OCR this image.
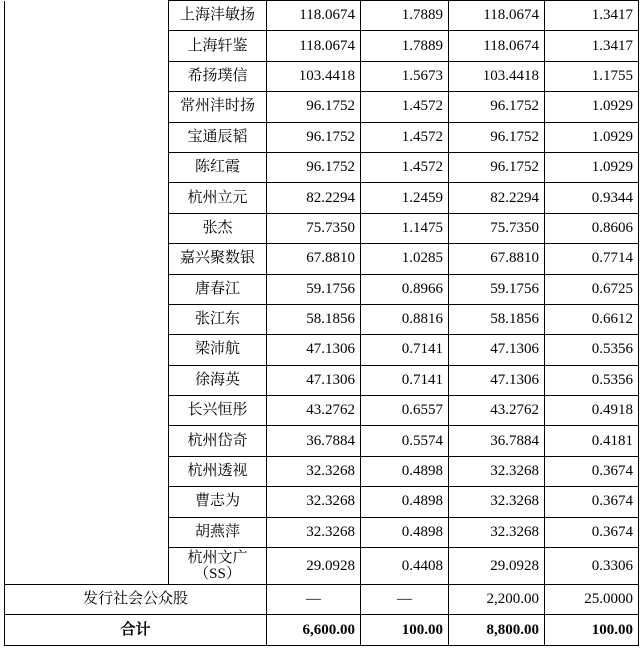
	上海沣敏扬	118.0674	1.7889	118.0674	1.3417
	上海轩鉴	118.0674	1.7889	118.0674	1.3417
	希扬璞信	103.4418	1.5673	103.4418	1.1755
	常州沣时扬	96.1752	1.4572	96.1752	1.0929
	宝通辰韬	96.1752	1.4572	96.1752	1.0929
	陈红霞	96.1752	1.4572	96.1752	1.0929
	杭州立元	82.2294	1.2459	82.2294	0.9344
	张杰	75.7350	1.1475	75.7350	0.8606
	嘉兴聚数银	67.8810	1.0285	67.8810	0.7714
	唐春江	59.1756	0.8966	59.1756	0.6725
	张江东	58.1856	0.8816	58.1856	0.6612
	梁沛航	47.1306	0.7141	47.1306	0.5356
	徐海英	47.1306	0.7141	47.1306	0.5356
	长兴恒彤	43.2762	0.6557	43.2762	0.4918
	杭州岱奇	36.7884	0.5574	36.7884	0.4181
	杭州透视	32.3268	0.4898	32.3268	0.3674
	曹志为	32.3268	0.4898	32.3268	0.3674
	胡燕萍	32.3268	0.4898	32.3268	0.3674
	杭州文广（SS）	29.0928	0.4408	29.0928	0.3306
发行社会公众股		—	—	2,200.00	25.0000
合计		6,600.00	100.00	8,800.00	100.00
